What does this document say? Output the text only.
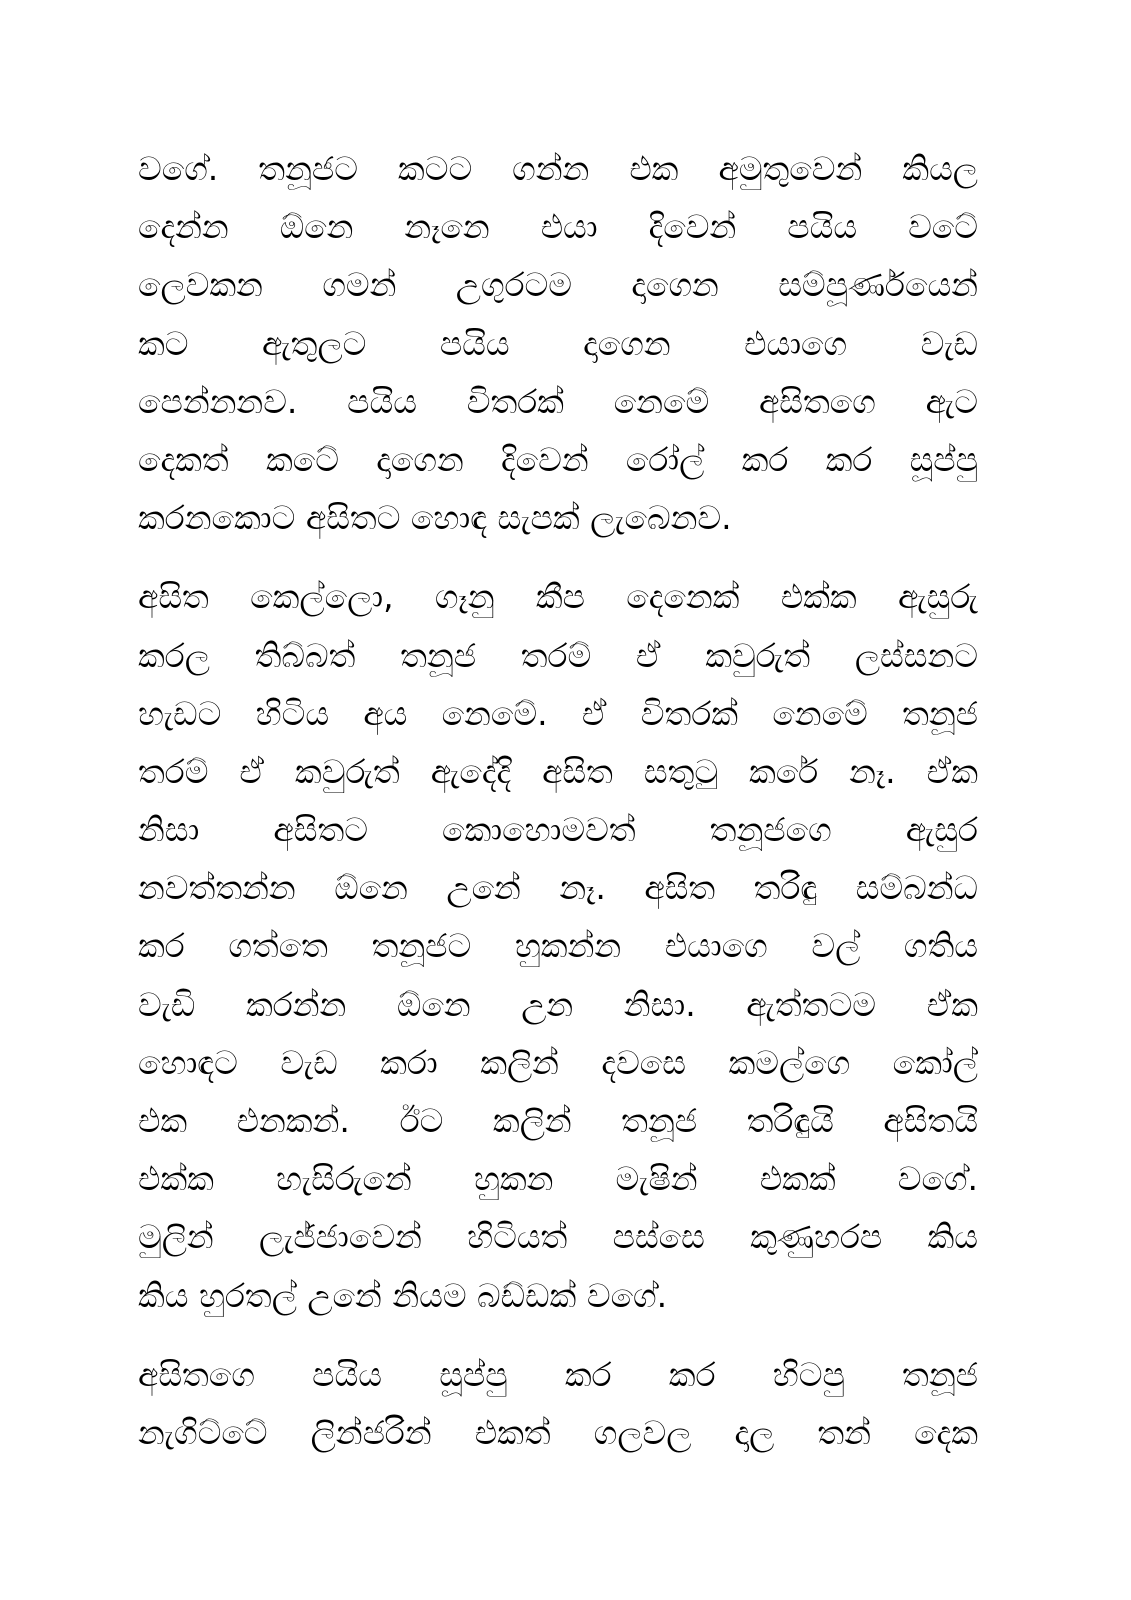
වගේ. තනූජට කටට ගන්න එක අමුතුවෙන් කියල
දෙන්න ඕනෙ නෑනෙ එයා දිවෙන් පයිය වටේ
ලෙවකන ගමන් උගුරටම දාගෙන සම්පූර්ණයෙන්
කට ඇතුලට පයිය දාගෙන එයාගෙ වැඩ
පෙන්නනව. පයිය විතරක් නෙමේ අසිතගෙ ඇට
දෙකත් කටේ දාගෙන දිවෙන් රෝල් කර කර සූප්පු
කරනකොට අසිතට හොඳ සැපක් ලැබෙනව.
අසිත කෙල්ලො, ගෑනු කීප දෙනෙක් එක්ක ඇසුරු
කරල තිබ්බත් තනූජ තරම් ඒ කවුරුත් ලස්සනට
හැඩට හිටිය අය නෙමේ. ඒ විතරක් නෙමේ තනූජ
තරම් ඒ කවුරුත් ඇදේදි අසිත සතුටු කරේ නෑ. ඒක
නිසා අසිතට කොහොමවත් තනූජගෙ ඇසුර
නවත්තන්න ඕනෙ උනේ නෑ. අසිත තරිඳු සම්බන්ධ
කර ගත්තෙ තනූජට හුකන්න එයාගෙ වල් ගතිය
වැඩි කරන්න ඕනෙ උන නිසා. ඇත්තටම ඒක
හොඳට වැඩ කරා කලින් දවසෙ කමල්ගෙ කෝල්
එක එනකන්. ඊට කලින් තනූජ තරිඳුයි අසිතයි
එක්ක හැසිරුනේ හුකන මැෂින් එකක් වගේ.
මුලින් ලැජ්ජාවෙන් හිටියත් පස්සෙ කුණුහරප කිය
කිය හුරතල් උනේ නියම බඩ්ඩක් වගේ.
අසිතගෙ පයිය සූප්පු කර කර හිටපු තනූජ
නැගිට්ටේ ලින්ජරින් එකත් ගලවල දාල තන් දෙක
